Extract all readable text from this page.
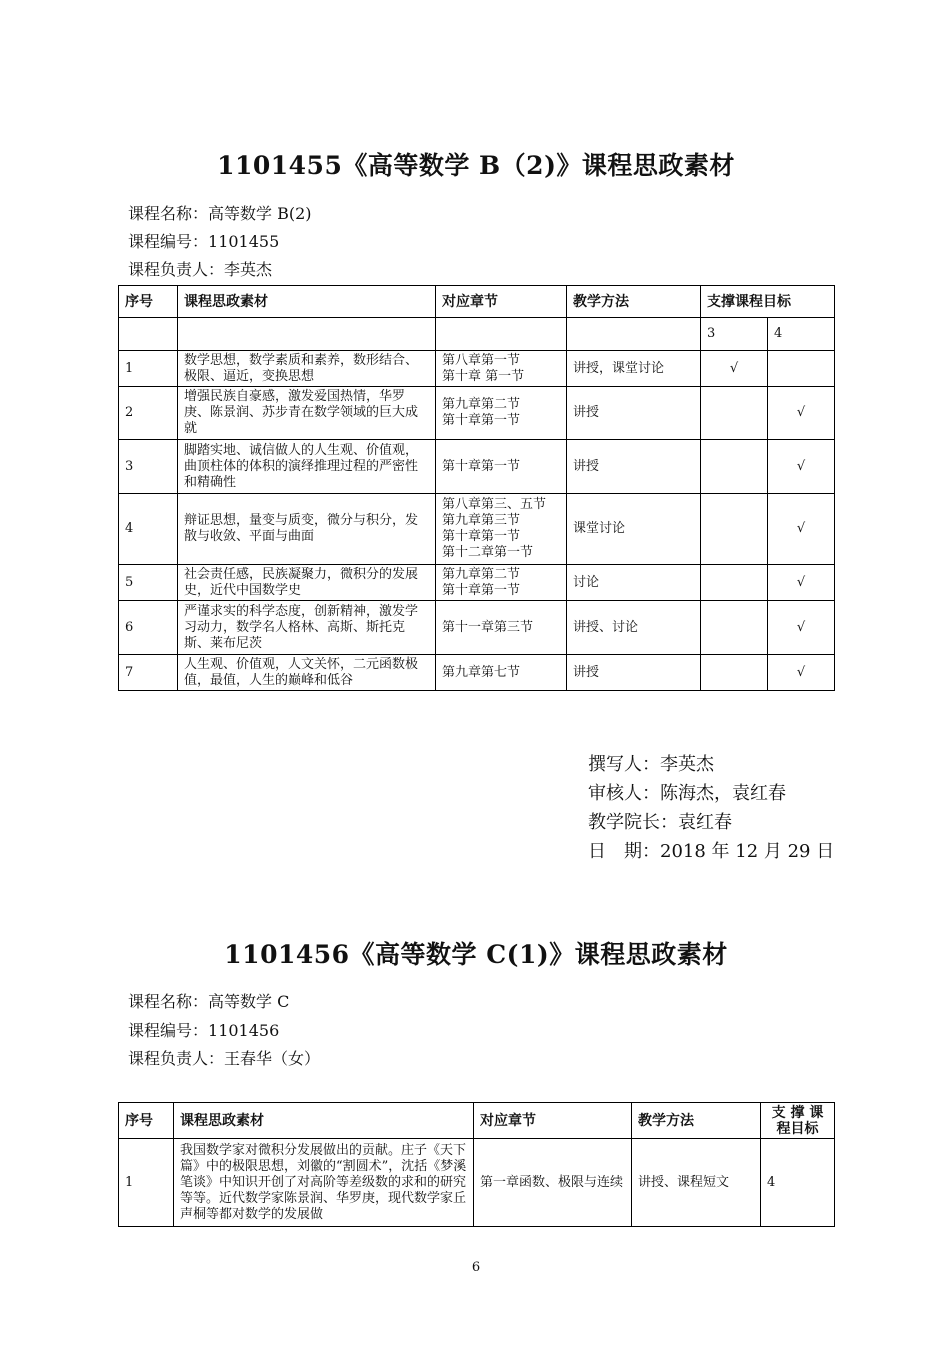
1101455《高等数学 B（2)》课程思政素材

课程名称：高等数学 B(2)

课程编号：1101455

课程负责人：李英杰

序号	课程思政素材	对应章节	教学方法	支撑课程目标	
				3	4
1	数学思想，数学素质和素养，数形结合、极限、逼近，变换思想	第八章第一节
第十章 第一节	讲授，课堂讨论	√	
2	增强民族自豪感，激发爱国热情，华罗庚、陈景润、苏步青在数学领域的巨大成就	第九章第二节
第十章第一节	讲授		√
3	脚踏实地、诚信做人的人生观、价值观，曲顶柱体的体积的演绎推理过程的严密性和精确性	第十章第一节	讲授		√
4	辩证思想，量变与质变，微分与积分，发散与收敛、平面与曲面	第八章第三、五节
第九章第三节
第十章第一节
第十二章第一节	课堂讨论		√
5	社会责任感，民族凝聚力，微积分的发展史，近代中国数学史	第九章第二节
第十章第一节	讨论		√
6	严谨求实的科学态度，创新精神，激发学习动力，数学名人格林、高斯、斯托克斯、莱布尼茨	第十一章第三节	讲授、讨论		√
7	人生观、价值观，人文关怀，二元函数极值，最值，人生的巅峰和低谷	第九章第七节	讲授		√

撰写人：李英杰

审核人：陈海杰，袁红春

教学院长：袁红春

日　期：2018 年 12 月 29 日

1101456《高等数学 C(1)》课程思政素材

课程名称：高等数学 C

课程编号：1101456

课程负责人：王春华（女）

序号	课程思政素材	对应章节	教学方法	支 撑 课
程目标
1	我国数学家对微积分发展做出的贡献。庄子《天下篇》中的极限思想，刘徽的“割圆术”，沈括《梦溪笔谈》中知识开创了对高阶等差级数的求和的研究等等。近代数学家陈景润、华罗庚，现代数学家丘声桐等都对数学的发展做	第一章函数、极限与连续	讲授、课程短文	4
6
